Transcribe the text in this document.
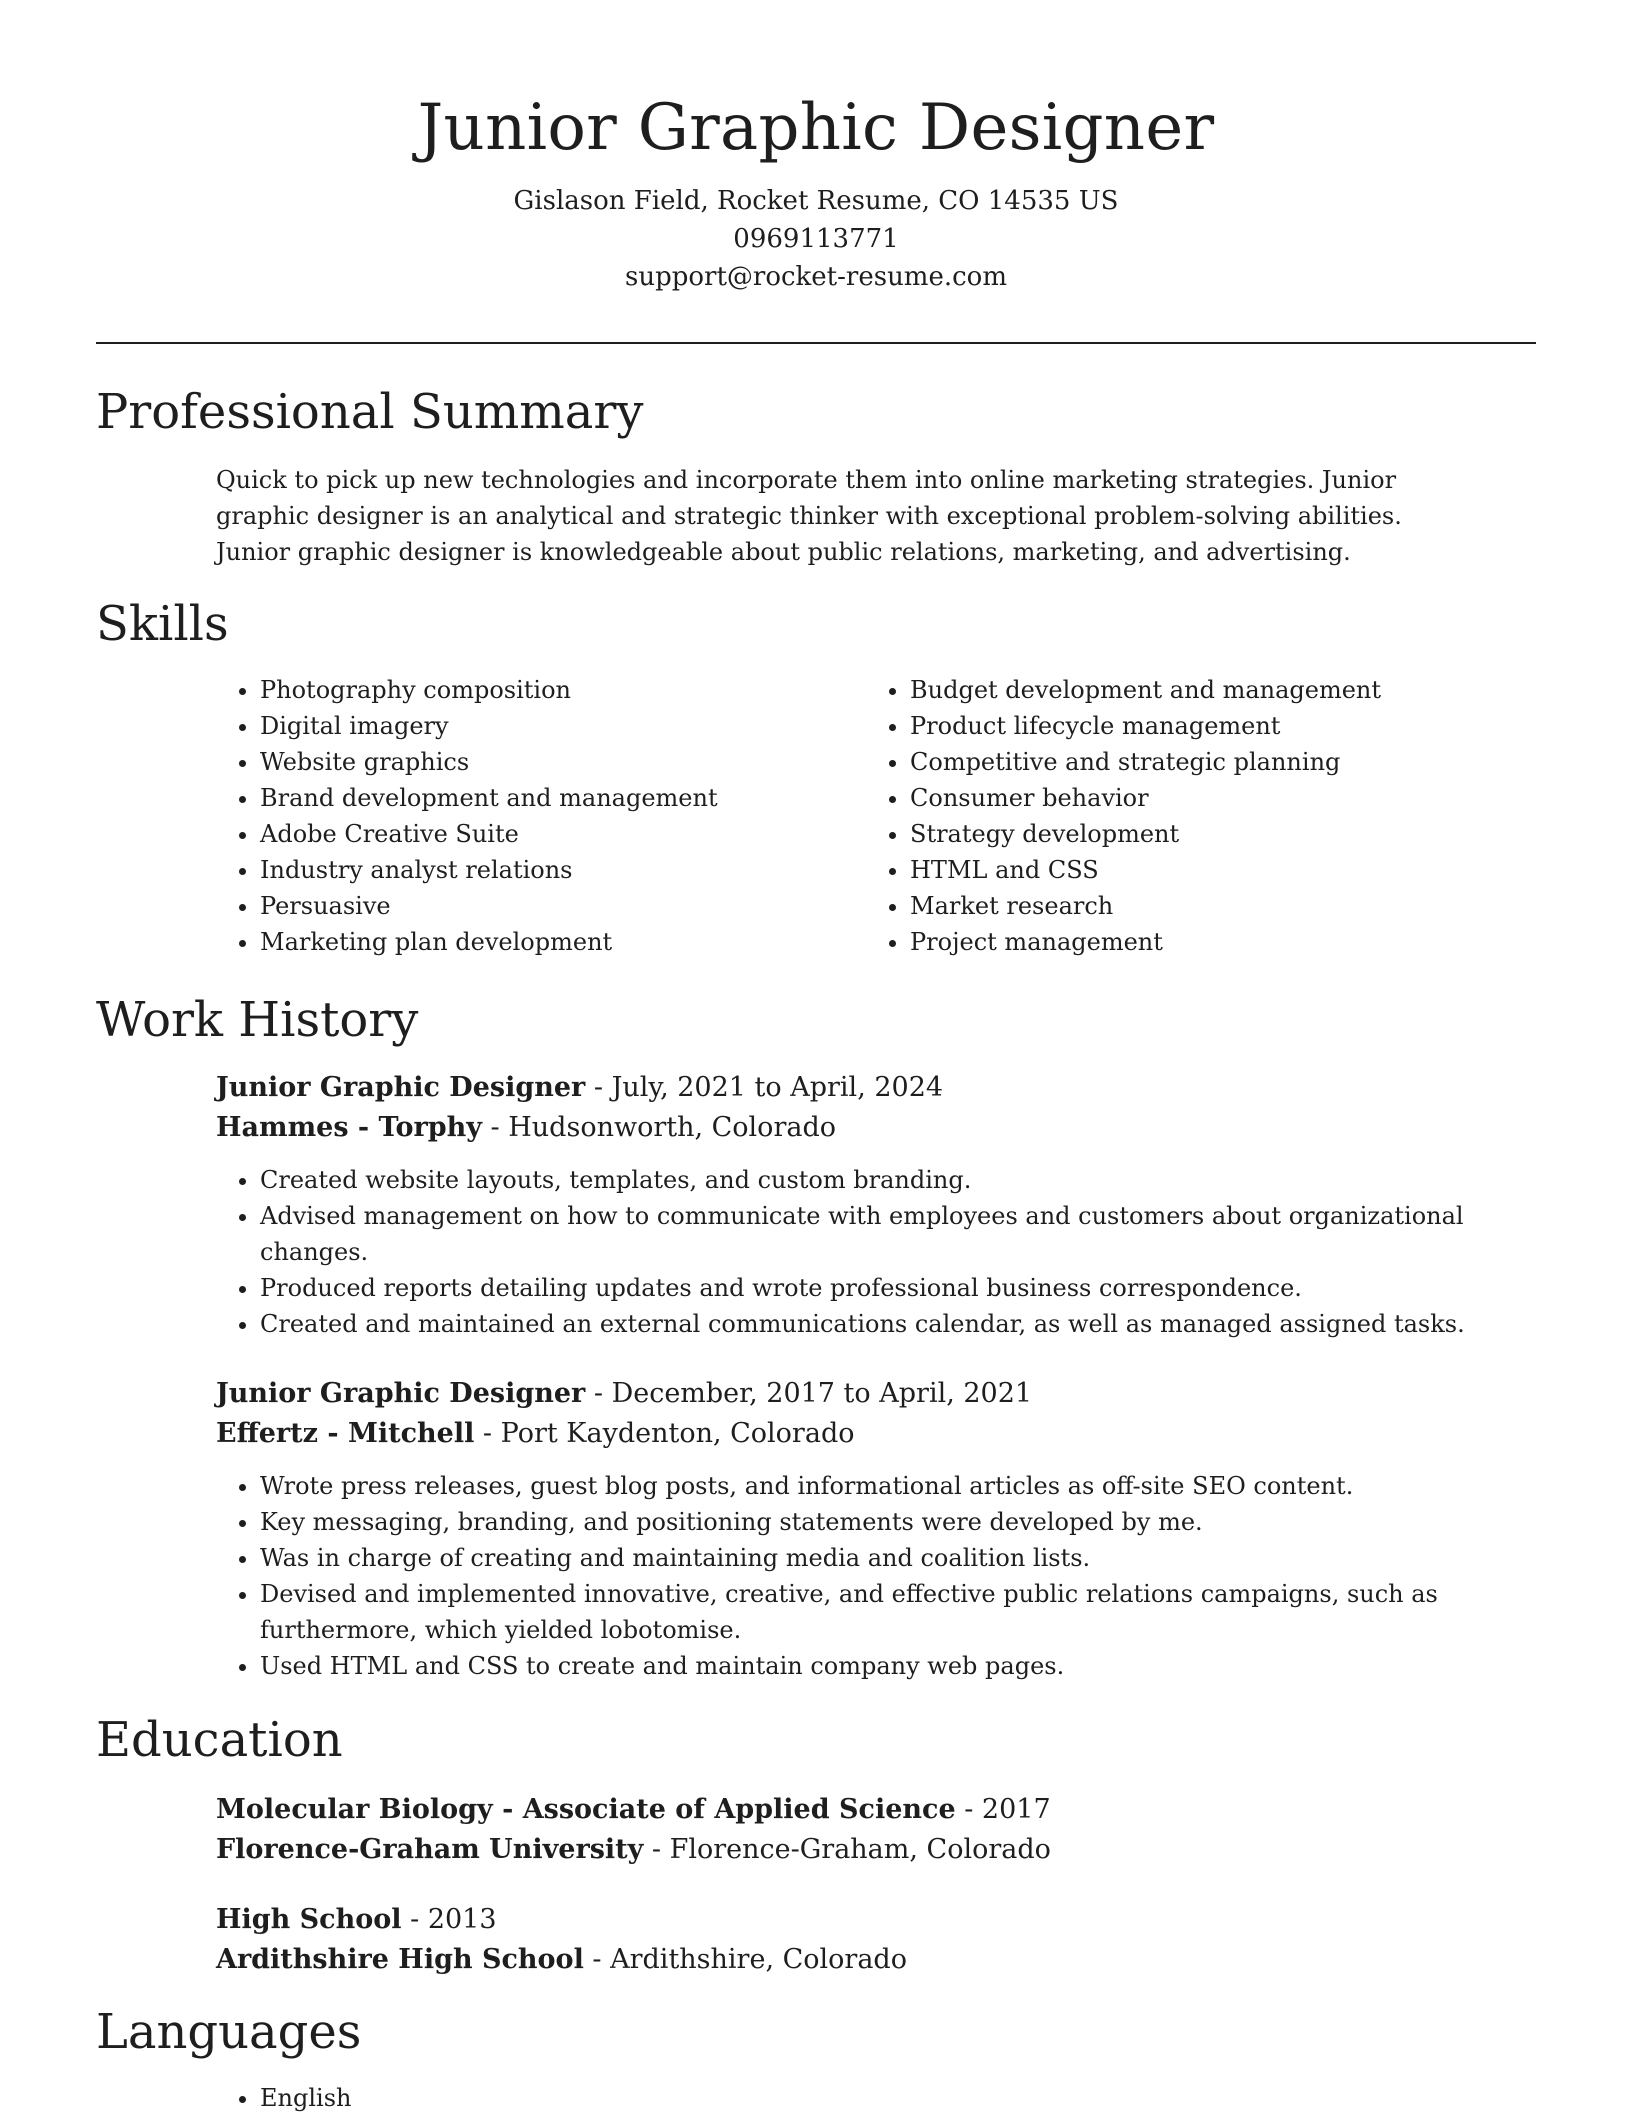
Junior Graphic Designer

Gislason Field, Rocket Resume, CO 14535 US

0969113771

support@rocket-resume.com

Professional Summary

Quick to pick up new technologies and incorporate them into online marketing strategies. Junior graphic designer is an analytical and strategic thinker with exceptional problem-solving abilities. Junior graphic designer is knowledgeable about public relations, marketing, and advertising.

Skills
• Photography composition
• Digital imagery
• Website graphics
• Brand development and management
• Adobe Creative Suite
• Industry analyst relations
• Persuasive
• Marketing plan development
• Budget development and management
• Product lifecycle management
• Competitive and strategic planning
• Consumer behavior
• Strategy development
• HTML and CSS
• Market research
• Project management
Work History

Junior Graphic Designer - July, 2021 to April, 2024

Hammes - Torphy - Hudsonworth, Colorado

• Created website layouts, templates, and custom branding.
• Advised management on how to communicate with employees and customers about organizational changes.
• Produced reports detailing updates and wrote professional business correspondence.
• Created and maintained an external communications calendar, as well as managed assigned tasks.

Junior Graphic Designer - December, 2017 to April, 2021

Effertz - Mitchell - Port Kaydenton, Colorado

• Wrote press releases, guest blog posts, and informational articles as off-site SEO content.
• Key messaging, branding, and positioning statements were developed by me.
• Was in charge of creating and maintaining media and coalition lists.
• Devised and implemented innovative, creative, and effective public relations campaigns, such as furthermore, which yielded lobotomise.
• Used HTML and CSS to create and maintain company web pages.
Education

Molecular Biology - Associate of Applied Science - 2017

Florence-Graham University - Florence-Graham, Colorado

High School - 2013

Ardithshire High School - Ardithshire, Colorado

Languages
• English
